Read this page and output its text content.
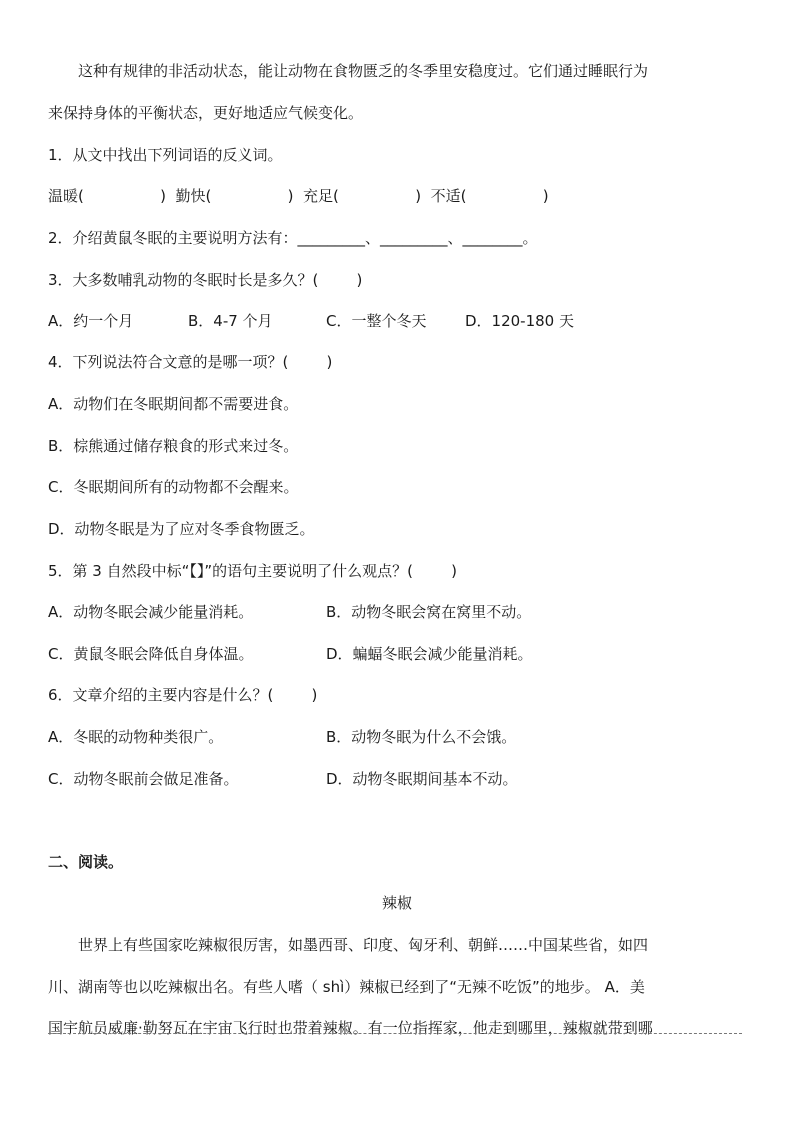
这种有规律的非活动状态，能让动物在食物匮乏的冬季里安稳度过。它们通过睡眠行为
来保持身体的平衡状态，更好地适应气候变化。
1．从文中找出下列词语的反义词。
温暖(                )  勤快(                )  充足(                )  不适(                )
2．介绍黄鼠冬眠的主要说明方法有：_________、_________、________。
3．大多数哺乳动物的冬眠时长是多久？(        )
A．约一个月	B．4-7 个月	C．一整个冬天	D．120-180 天
4．下列说法符合文意的是哪一项？(        )
A．动物们在冬眠期间都不需要进食。
B．棕熊通过储存粮食的形式来过冬。
C．冬眠期间所有的动物都不会醒来。
D．动物冬眠是为了应对冬季食物匮乏。
5．第 3 自然段中标“【】”的语句主要说明了什么观点？(        )
A．动物冬眠会减少能量消耗。	B．动物冬眠会窝在窝里不动。
C．黄鼠冬眠会降低自身体温。	D．蝙蝠冬眠会减少能量消耗。
6．文章介绍的主要内容是什么？(        )
A．冬眠的动物种类很广。	B．动物冬眠为什么不会饿。
C．动物冬眠前会做足准备。	D．动物冬眠期间基本不动。
二、阅读。
辣椒
世界上有些国家吃辣椒很厉害，如墨西哥、印度、匈牙利、朝鲜……中国某些省，如四
川、湖南等也以吃辣椒出名。有些人嗜（ shì）辣椒已经到了“无辣不吃饭”的地步。 A．美
国宇航员威廉·勒努瓦在宇宙飞行时也带着辣椒。有一位指挥家，他走到哪里，辣椒就带到哪
